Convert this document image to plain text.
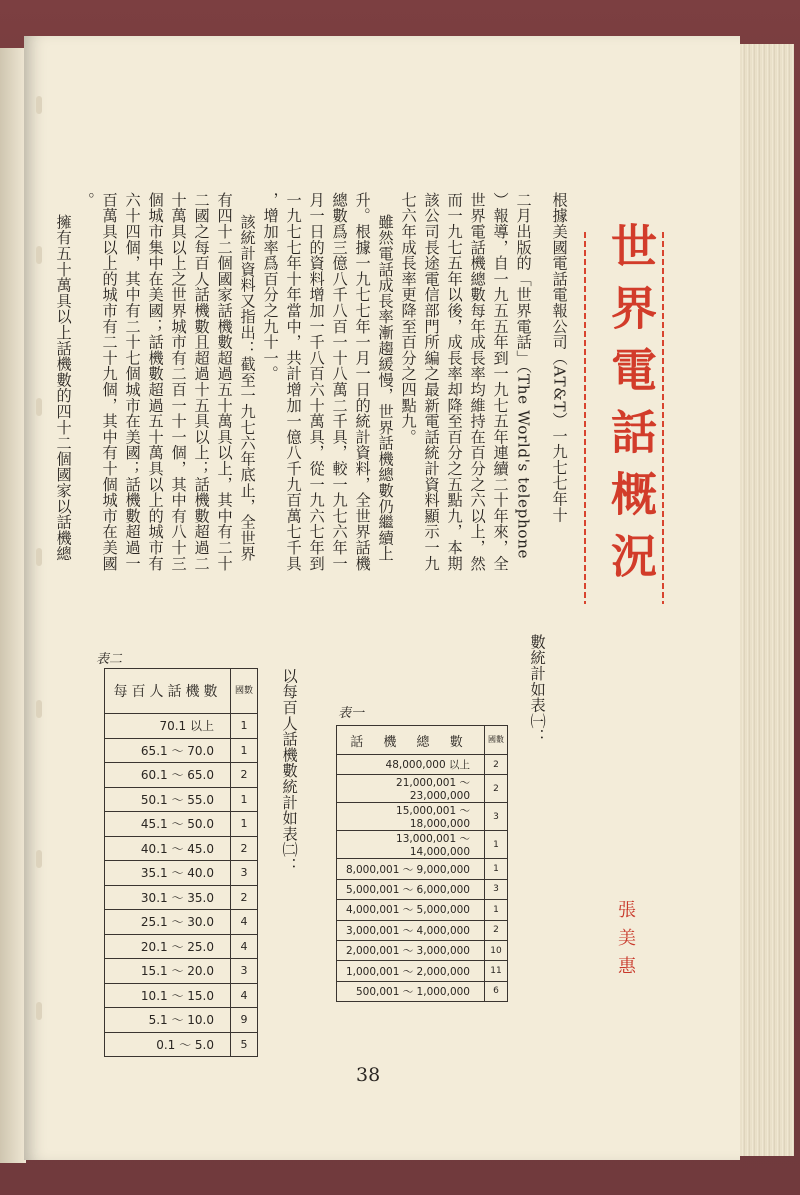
世界電話概況
根據美國電話電報公司（AT&T）一九七七年十
二月出版的「世界電話」（The World's telephone
）報導，自一九五五年到一九七五年連續二十年來，全
世界電話機總數每年成長率均維持在百分之六以上，然
而一九七五年以後，成長率却降至百分之五點九，本期
該公司長途電信部門所編之最新電話統計資料顯示一九
七六年成長率更降至百分之四點九。
雖然電話成長率漸趨緩慢，世界話機總數仍繼續上
升。根據一九七七年一月一日的統計資料，全世界話機
總數爲三億八千八百一十八萬二千具，較一九七六年一
月一日的資料增加一千八百六十萬具，從一九六七年到
一九七七年十年當中，共計增加一億八千九百萬七千具
，增加率爲百分之九十一。
該統計資料又指出：截至一九七六年底止，全世界
有四十二個國家話機數超過五十萬具以上，其中有二十
二國之每百人話機數且超過十五具以上；話機數超過二
十萬具以上之世界城市有二百一十一個，其中有八十三
個城市集中在美國；話機數超過五十萬具以上的城市有
六十四個，其中有二十七個城市在美國；話機數超過一
百萬具以上的城市有二十九個，其中有十個城市在美國
。
擁有五十萬具以上話機數的四十二個國家以話機總
數統計如表㈠：
以每百人話機數統計如表㈡：	表一
話 機 總 數	國數
48,000,000 以上	2
21,000,001 ～ 23,000,000	2
15,000,001 ～ 18,000,000	3
13,000,001 ～ 14,000,000	1
8,000,001 ～ 9,000,000	1
5,000,001 ～ 6,000,000	3
4,000,001 ～ 5,000,000	1
3,000,001 ～ 4,000,000	2
2,000,001 ～ 3,000,000	10
1,000,001 ～ 2,000,000	11
500,001 ～ 1,000,000	6
表二
每百人話機數	國數
70.1 以上	1
65.1 ～ 70.0	1
60.1 ～ 65.0	2
50.1 ～ 55.0	1
45.1 ～ 50.0	1
40.1 ～ 45.0	2
35.1 ～ 40.0	3
30.1 ～ 35.0	2
25.1 ～ 30.0	4
20.1 ～ 25.0	4
15.1 ～ 20.0	3
10.1 ～ 15.0	4
5.1 ～ 10.0	9
0.1 ～ 5.0	5
張美惠
38
